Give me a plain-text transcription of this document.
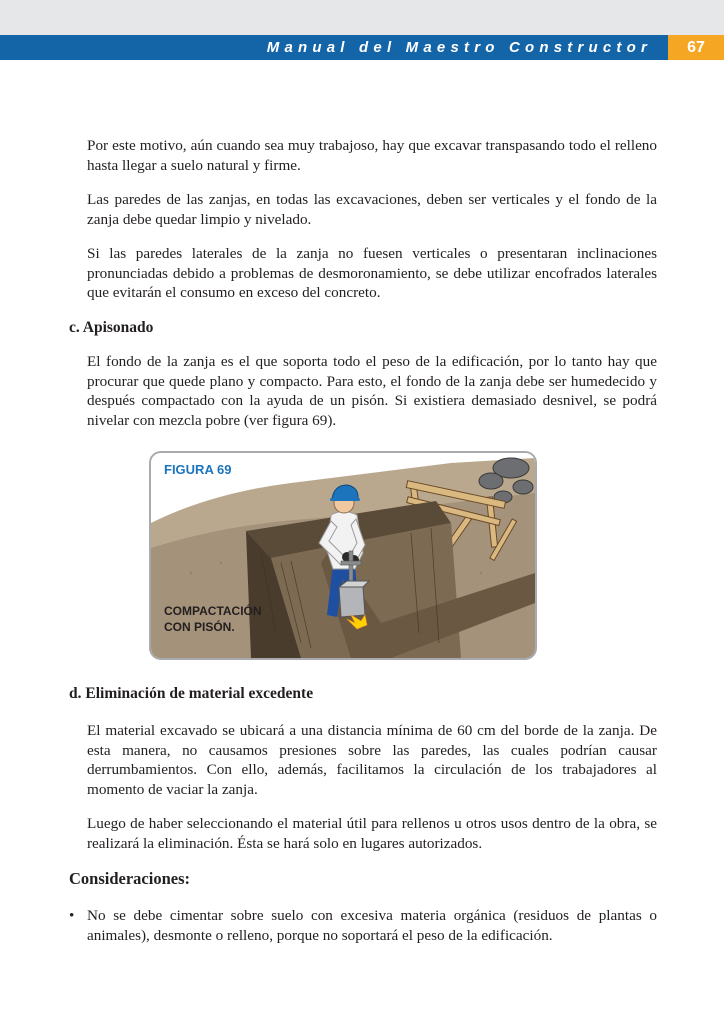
Manual del Maestro Constructor	67

Por este motivo, aún cuando sea muy trabajoso, hay que excavar transpasando todo el relleno hasta llegar a suelo natural y firme.

Las paredes de las zanjas, en todas las excavaciones, deben ser verticales y el fondo de la zanja debe quedar limpio y nivelado.

Si las paredes laterales de la zanja no fuesen verticales o presentaran inclinaciones pronunciadas debido a problemas de desmoronamiento, se debe utilizar encofrados laterales que evitarán el consumo en exceso del concreto.

c. Apisonado

El fondo de la zanja es el que soporta todo el peso de la edificación, por lo tanto hay que procurar que quede plano y compacto. Para esto, el fondo de la zanja debe ser humedecido y después compactado con la ayuda de un pisón. Si existiera demasiado desnivel, se podrá nivelar con mezcla pobre (ver figura 69).

FIGURA 69
COMPACTACIÓN
CON PISÓN.
d. Eliminación de material excedente

El material excavado se ubicará a una distancia mínima de 60 cm del borde de la zanja. De esta manera, no causamos presiones sobre las paredes, las cuales podrían causar derrumbamientos. Con ello, además, facilitamos la circulación de los trabajadores al momento de vaciar la zanja.

Luego de haber seleccionando el material útil para rellenos u otros usos dentro de la obra, se realizará la eliminación. Ésta se hará solo en lugares autorizados.

Consideraciones:
• No se debe cimentar sobre suelo con excesiva materia orgánica (residuos de plantas o animales), desmonte o relleno, porque no soportará el peso de la edificación.
